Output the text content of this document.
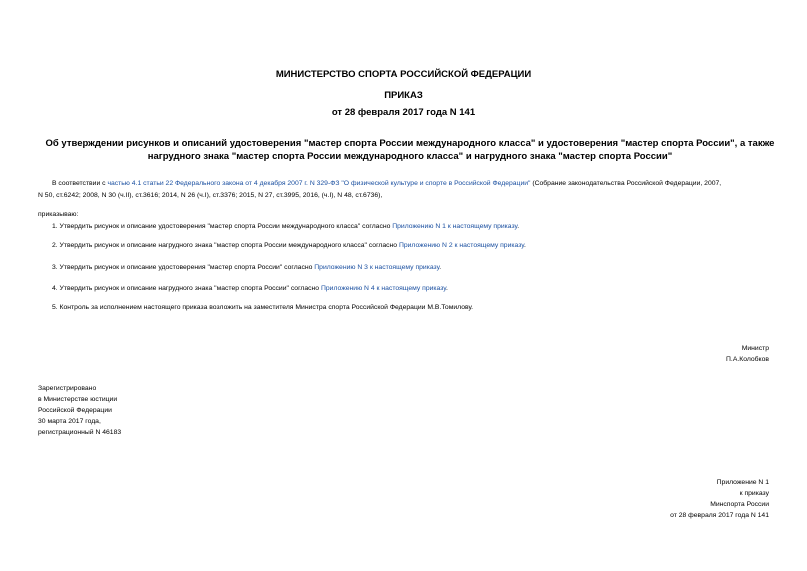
МИНИСТЕРСТВО СПОРТА РОССИЙСКОЙ ФЕДЕРАЦИИ
ПРИКАЗ
от 28 февраля 2017 года N 141
Об утверждении рисунков и описаний удостоверения "мастер спорта России международного класса" и удостоверения "мастер спорта России", а также
нагрудного знака "мастер спорта России международного класса" и нагрудного знака "мастер спорта России"
В соответствии с частью 4.1 статьи 22 Федерального закона от 4 декабря 2007 г. N 329-ФЗ "О физической культуре и спорте в Российской Федерации" (Собрание законодательства Российской Федерации, 2007,
N 50, ст.6242; 2008, N 30 (ч.II), ст.3616; 2014, N 26 (ч.I), ст.3376; 2015, N 27, ст.3995, 2016, (ч.I), N 48, ст.6736),
приказываю:
1. Утвердить рисунок и описание удостоверения "мастер спорта России международного класса" согласно Приложению N 1 к настоящему приказу.
2. Утвердить рисунок и описание нагрудного знака "мастер спорта России международного класса" согласно Приложению N 2 к настоящему приказу.
3. Утвердить рисунок и описание удостоверения "мастер спорта России" согласно Приложению N 3 к настоящему приказу.
4. Утвердить рисунок и описание нагрудного знака "мастер спорта России" согласно Приложению N 4 к настоящему приказу.
5. Контроль за исполнением настоящего приказа возложить на заместителя Министра спорта Российской Федерации М.В.Томилову.
Министр
П.А.Колобков
Зарегистрировано
в Министерстве юстиции
Российской Федерации
30 марта 2017 года,
регистрационный N 46183
Приложение N 1
к приказу
Минспорта России
от 28 февраля 2017 года N 141
